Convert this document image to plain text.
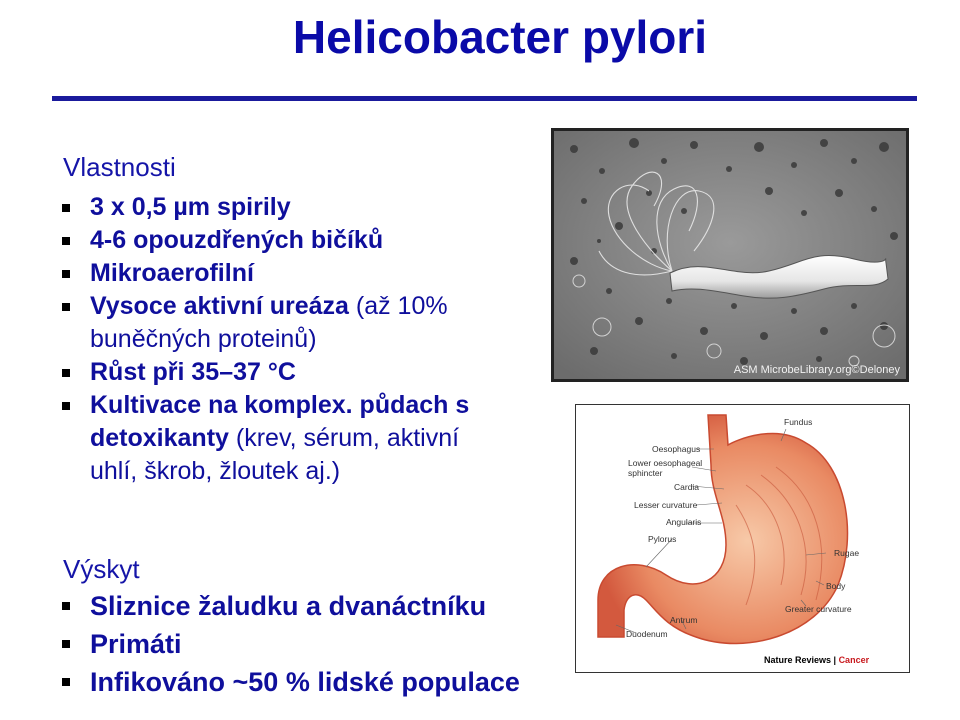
Helicobacter pylori
Vlastnosti
3 x 0,5 µm spirily
4-6 opouzdřených bičíků
Mikroaerofilní
Vysoce aktivní ureáza (až 10%
buněčných proteinů)
Růst při 35–37 °C
Kultivace na komplex. půdach s
detoxikanty (krev, sérum, aktivní
uhlí, škrob, žloutek aj.)
Výskyt
Sliznice žaludku a dvanáctníku
Primáti
Infikováno ~50 % lidské populace
ASM MicrobeLibrary.org©Deloney
Fundus
Oesophagus
Lower oesophageal
sphincter
Cardia
Lesser curvature
Angularis
Pylorus
Rugae
Body
Greater curvature
Antrum
Duodenum
Nature Reviews | Cancer
